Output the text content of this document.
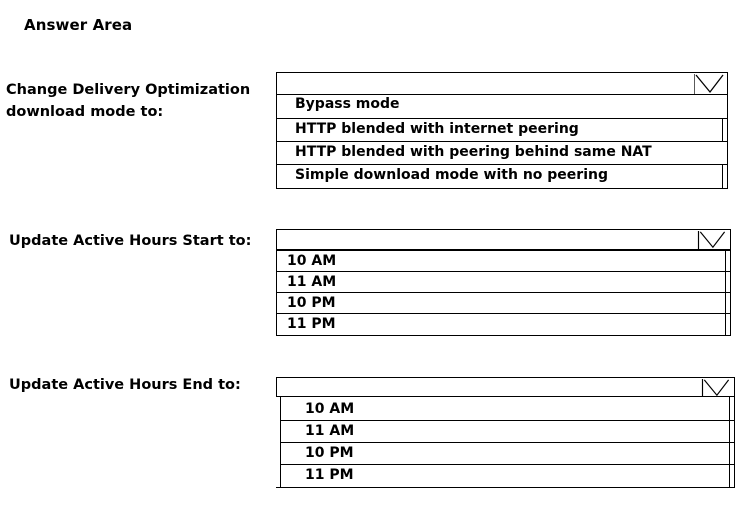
Answer Area
Change Delivery Optimization
download mode to:	Bypass mode
HTTP blended with internet peering
HTTP blended with peering behind same NAT
Simple download mode with no peering
Update Active Hours Start to:
10 AM
11 AM
10 PM
11 PM
Update Active Hours End to:
10 AM
11 AM
10 PM
11 PM
